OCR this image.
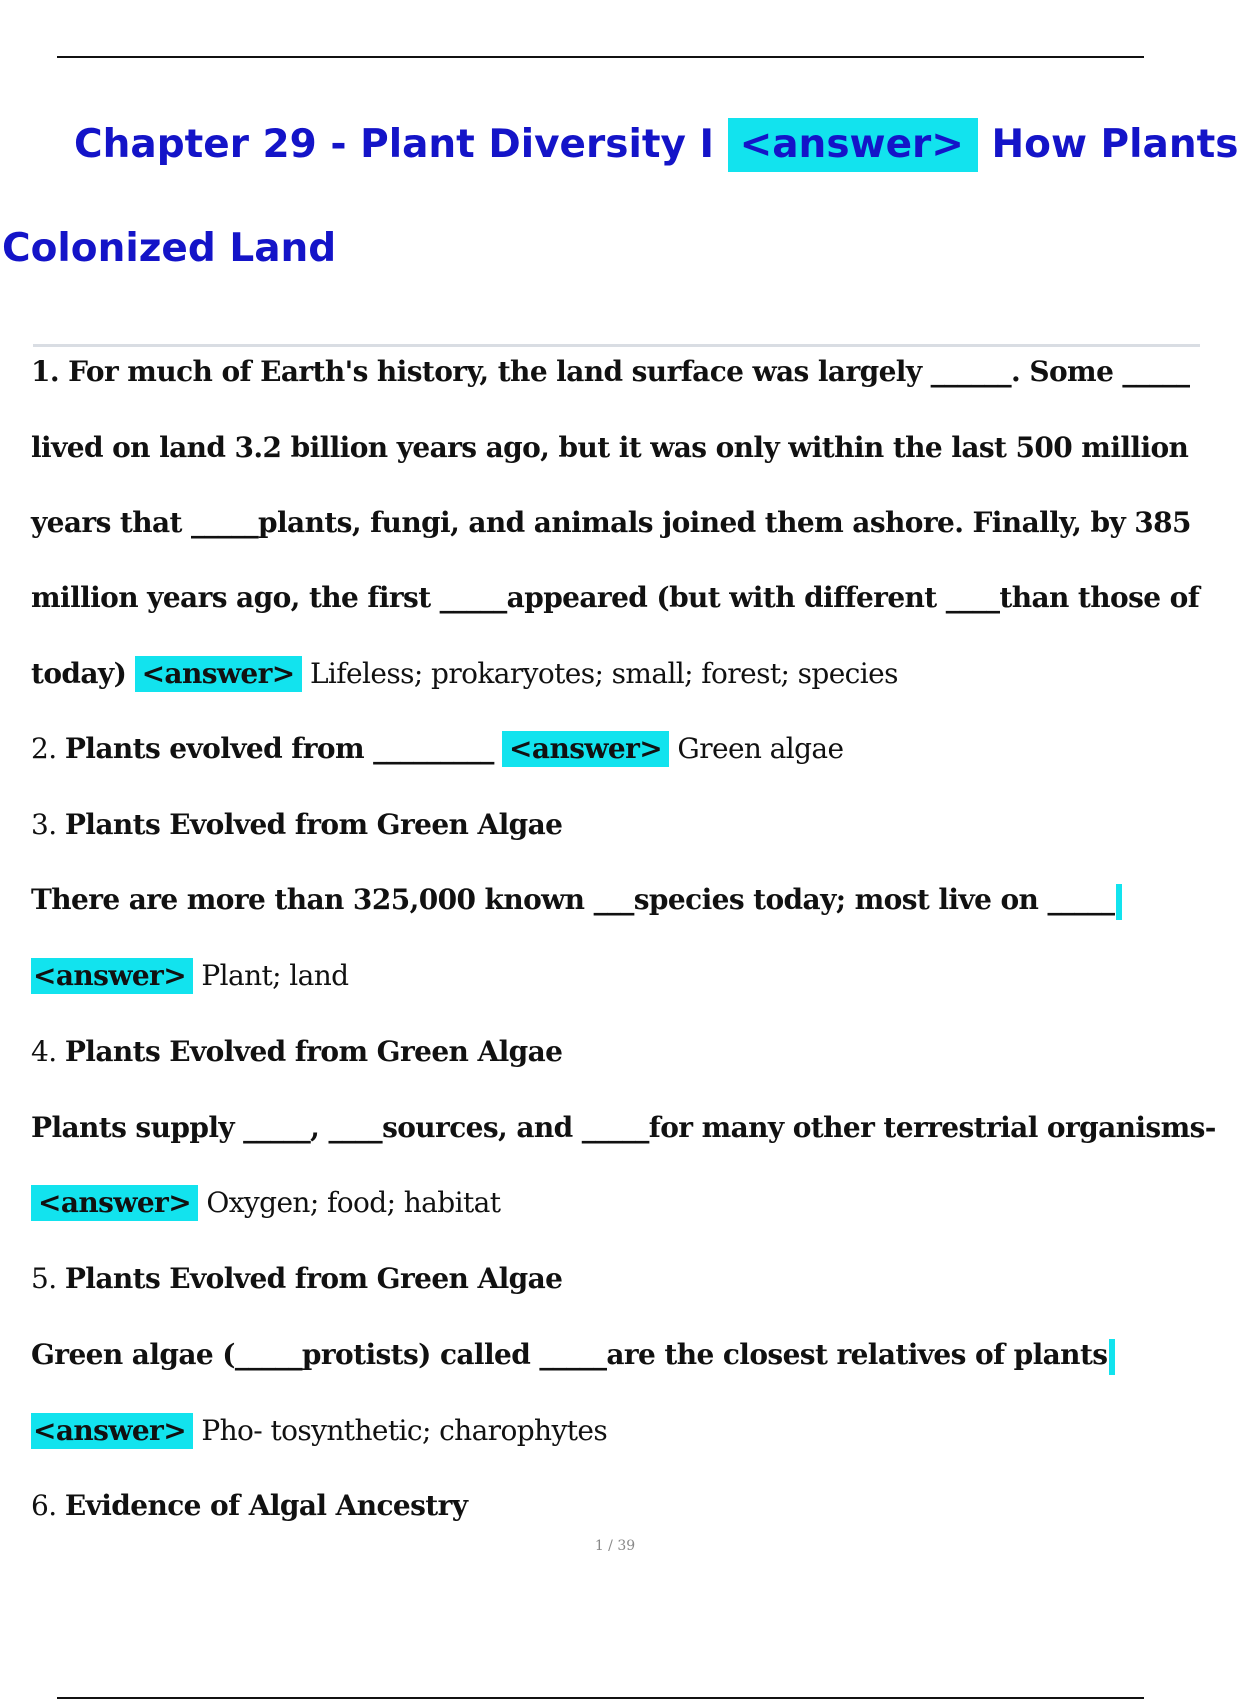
Chapter 29 - Plant Diversity I <answer> How Plants
Colonized Land
1. For much of Earth's history, the land surface was largely ______. Some _____
lived on land 3.2 billion years ago, but it was only within the last 500 million
years that _____plants, fungi, and animals joined them ashore. Finally, by 385
million years ago, the first _____appeared (but with different ____than those of
today) <answer> Lifeless; prokaryotes; small; forest; species
2. Plants evolved from _________ <answer> Green algae
3. Plants Evolved from Green Algae
There are more than 325,000 known ___species today; most live on _____
<answer> Plant; land
4. Plants Evolved from Green Algae
Plants supply _____, ____sources, and _____for many other terrestrial organisms-
<answer> Oxygen; food; habitat
5. Plants Evolved from Green Algae
Green algae (_____protists) called _____are the closest relatives of plants
<answer> Pho- tosynthetic; charophytes
6. Evidence of Algal Ancestry
1 / 39
